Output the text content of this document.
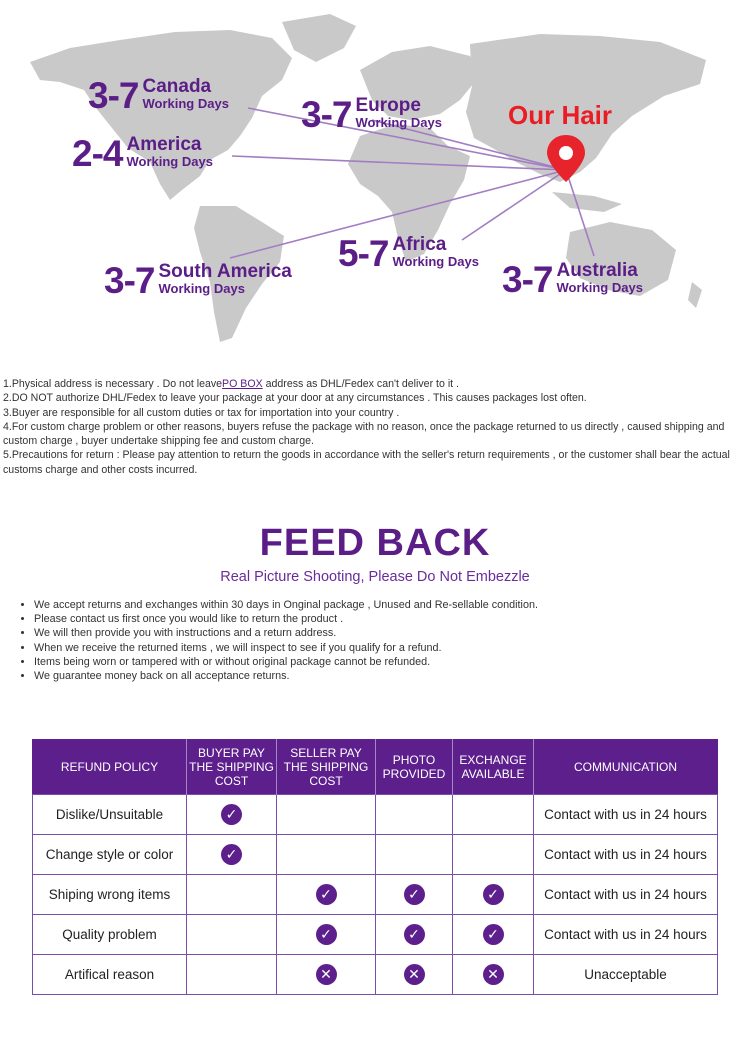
3-7 Canada
Working Days
2-4 America
Working Days
3-7 Europe
Working Days	Our Hair
5-7 Africa
Working Days
3-7 South America
Working Days	3-7 Australia
Working Days

1.Physical address is necessary . Do not leavePO BOX address as DHL/Fedex can't deliver to it .

2.DO NOT authorize DHL/Fedex to leave your package at your door at any circumstances . This causes packages lost often.

3.Buyer are responsible for all custom duties or tax for importation into your country .

4.For custom charge problem or other reasons, buyers refuse the package with no reason, once the package returned to us directly , caused shipping and custom charge , buyer undertake shipping fee and custom charge.

5.Precautions for return : Please pay attention to return the goods in accordance with the seller's return requirements , or the customer shall bear the actual customs charge and other costs incurred.

FEED BACK
Real Picture Shooting, Please Do Not Embezzle
• We accept returns and exchanges within 30 days in Onginal package , Unused and Re-sellable condition.
• Please contact us first once you would like to return the product .
• We will then provide you with instructions and a return address.
• When we receive the returned items , we will inspect to see if you qualify for a refund.
• Items being worn or tampered with or without original package cannot be refunded.
• We guarantee money back on all acceptance returns.
REFUND POLICY	BUYER PAY THE SHIPPING COST	SELLER PAY THE SHIPPING COST	PHOTO PROVIDED	EXCHANGE AVAILABLE	COMMUNICATION
Dislike/Unsuitable	✓				Contact with us in 24 hours
Change style or color	✓				Contact with us in 24 hours
Shiping wrong items		✓	✓	✓	Contact with us in 24 hours
Quality problem		✓	✓	✓	Contact with us in 24 hours
Artifical reason		✕	✕	✕	Unacceptable
